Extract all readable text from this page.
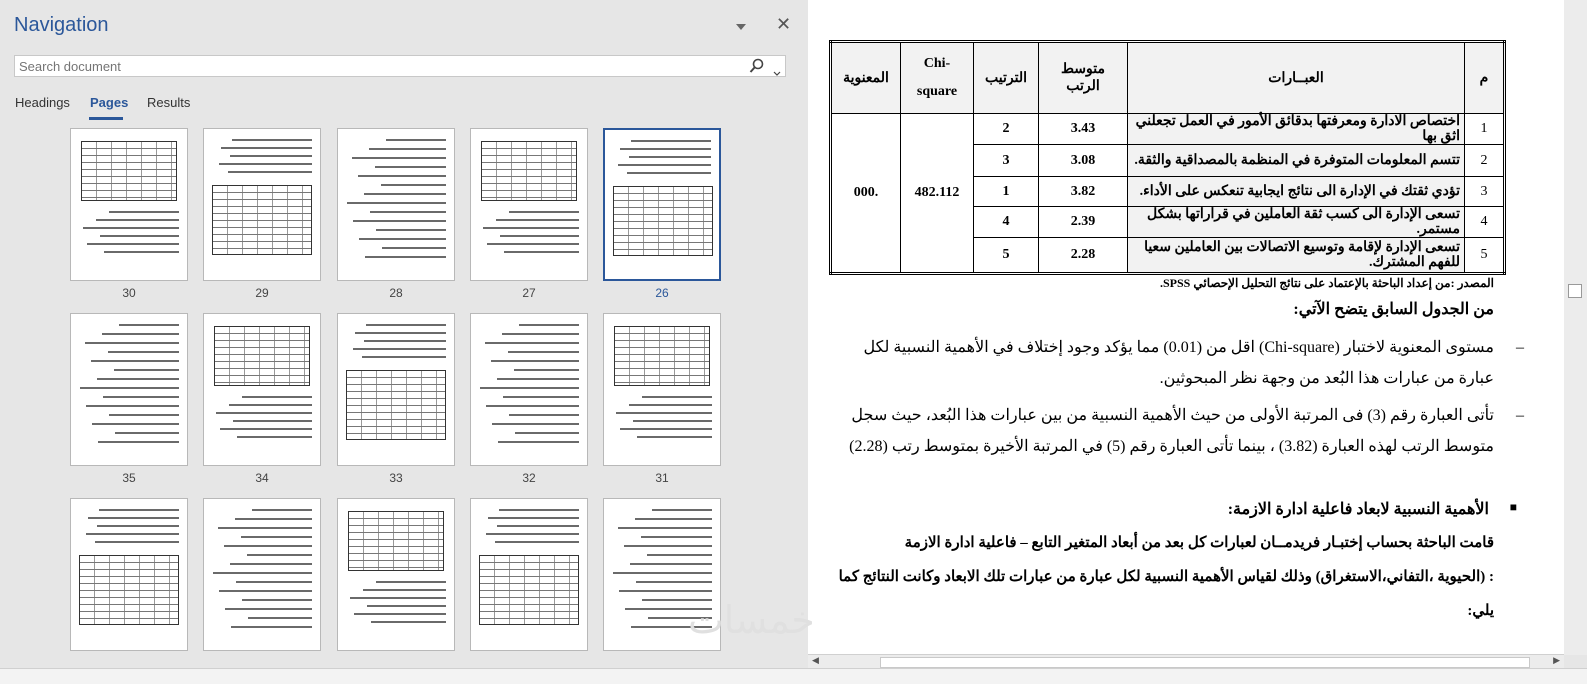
Navigation	✕
Search document
Headings Pages Results
30	29	28	27	26
35	34	33	32	31
م	العبــارات	متوسط الرتب	الترتيب	Chi-square	المعنوية
1	اختصاص الادارة ومعرفتها بدقائق الأمور في العمل تجعلني اثق بها	3.43	2	482.112	.000
2	تتسم المعلومات المتوفرة في المنظمة بالمصداقية والثقة.	3.08	3		
3	تؤدي ثقتك في الإدارة الى نتائج ايجابية تنعكس على الأداء.	3.82	1		
4	تسعى الإدارة الى كسب ثقة العاملين في قراراتها بشكل مستمر.	2.39	4		
5	تسعى الإدارة لإقامة وتوسيع الاتصالات بين العاملين سعيا للفهم المشترك.	2.28	5		
المصدر :من إعداد الباحثة بالإعتماد على نتائج التحليل الإحصائي SPSS.
من الجدول السابق يتضح الآتي:
–
مستوى المعنوية لاختبار (Chi-square) اقل من (0.01) مما يؤكد وجود إختلاف في الأهمية النسبية لكل عبارة من عبارات هذا البُعد من وجهة نظر المبحوثين.
–
تأتى العبارة رقم (3) فى المرتبة الأولى من حيث الأهمية النسبية من بين عبارات هذا البُعد، حيث سجل متوسط الرتب لهذه العبارة (3.82) ، بينما تأتى العبارة رقم (5) في المرتبة الأخيرة بمتوسط رتب (2.28)
■
الأهمية النسبية لابعاد فاعلية ادارة الازمة:
قامت الباحثة بحساب إختبـار فريدمــان لعبارات كل بعد من أبعاد المتغير التابع – فاعلية ادارة الازمة
: (الحيوية ،التفاني،الاستغراق) وذلك لقياس الأهمية النسبية لكل عبارة من عبارات تلك الابعاد وكانت النتائج كما
يلي:
خمسات
◀	▶
